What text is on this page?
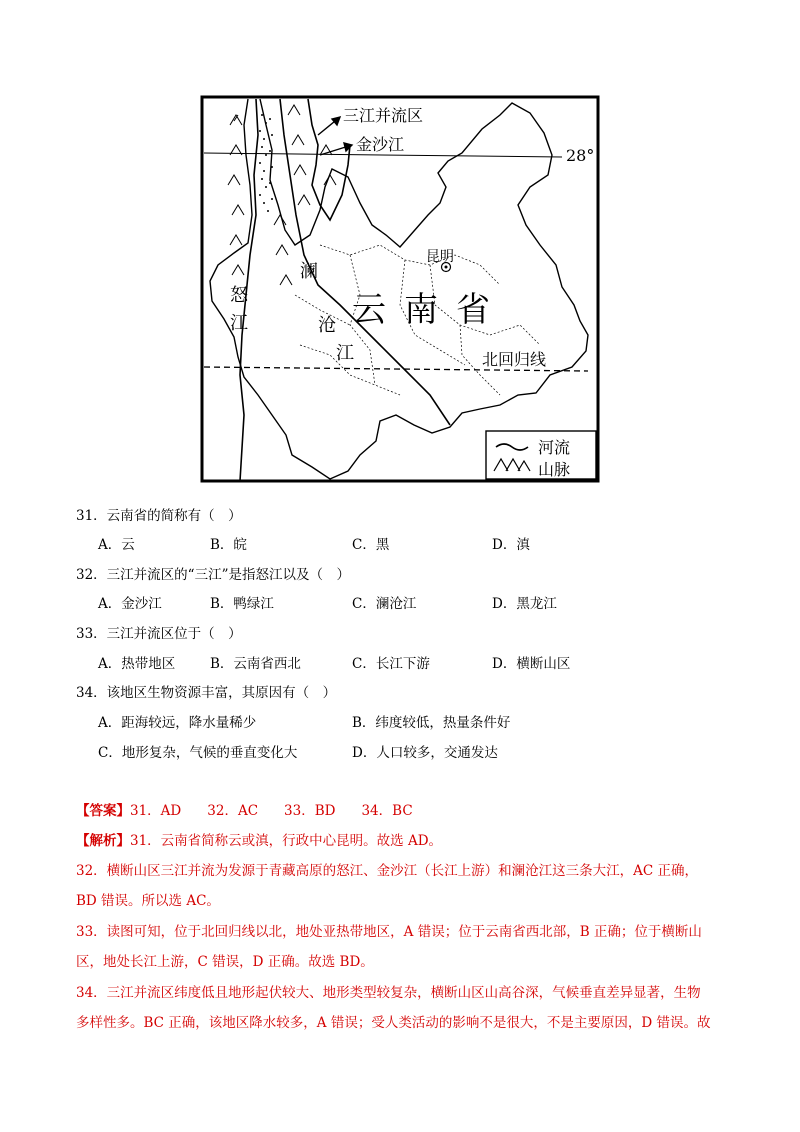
三江并流区
金沙江
28°
昆明
怒
江
澜
沧
江
云 南 省
北回归线
河流
山脉
31．云南省的简称有（　）
A．云	B．皖	C．黑	D．滇
32．三江并流区的“三江”是指怒江以及（　）
A．金沙江	B．鸭绿江	C．澜沧江	D．黑龙江
33．三江并流区位于（　）
A．热带地区	B．云南省西北	C．长江下游	D．横断山区
34．该地区生物资源丰富，其原因有（　）
A．距海较远，降水量稀少	B．纬度较低，热量条件好
C．地形复杂，气候的垂直变化大	D．人口较多，交通发达
【答案】31．AD 32．AC 33．BD 34．BC
【解析】31．云南省简称云或滇，行政中心昆明。故选 AD。
32．横断山区三江并流为发源于青藏高原的怒江、金沙江（长江上游）和澜沧江这三条大江，AC 正确，
BD 错误。所以选 AC。
33．读图可知，位于北回归线以北，地处亚热带地区，A 错误；位于云南省西北部，B 正确；位于横断山
区，地处长江上游，C 错误，D 正确。故选 BD。
34．三江并流区纬度低且地形起伏较大、地形类型较复杂，横断山区山高谷深，气候垂直差异显著，生物
多样性多。BC 正确，该地区降水较多，A 错误；受人类活动的影响不是很大，不是主要原因，D 错误。故
